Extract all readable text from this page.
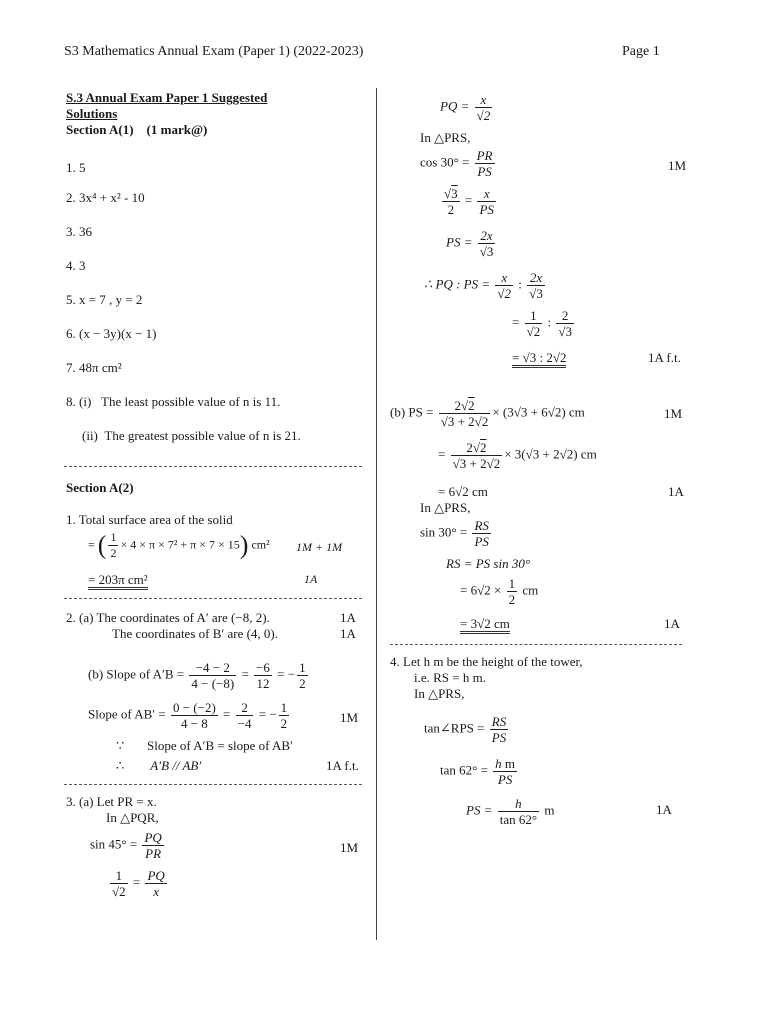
S3 Mathematics Annual Exam (Paper 1) (2022-2023)	Page 1
S.3 Annual Exam Paper 1 Suggested
Solutions
Section A(1) (1 mark@)
1. 5
2. 3x⁴ + x² - 10
3. 36
4. 3
5. x = 7 , y = 2
6. (x − 3y)(x − 1)
7. 48π cm²
8. (i) The least possible value of n is 11.
(ii) The greatest possible value of n is 21.
Section A(2)
1. Total surface area of the solid
= ( $\frac{1}{2} \times 4 \times \pi \times 7^2 + \pi \times 7 \times 15$) cm² 1M + 1M
= 203π cm²	1A
2. (a) The coordinates of A′ are (−8, 2).	1A
The coordinates of B′ are (4, 0).	1A
(b) Slope of $A'B = \frac{-4 - 2}{4 - (-8)} = \frac{-6}{12}$ = − $\frac{1}{2}$
Slope of $AB' = \frac{0 - (-2)}{4 - 8} = \frac{2}{-4}$ = − $\frac{1}{2}$	1M
∵ Slope of A′B = slope of AB′
∴ A′B // AB′	1A f.t.
3. (a) Let PR = x.
In △PQR,
$\sin 45^\circ = \frac{PQ}{PR}$	1M
$\frac{1}{√2} = \frac{PQ}{x}$
PQ = $\frac{x}{√2}$
In △PRS,
$\cos 30^\circ = \frac{PR}{PS}$	1M
$\frac{√3}{2} = \frac{x}{PS}$
PS = $\frac{2x}{√3}$
∴ PQ : PS = $\frac{x}{√2}$ : $\frac{2x}{√3}$
= $\frac{1}{√2}$ : $\frac{2}{√3}$
= √3 : 2√2	1A f.t.
(b) PS = $\frac{2√2}{√3 + 2√2} \times (3√3 + 6√2)$ cm	1M
= $\frac{2√2}{√3 + 2√2} \times 3(√3 + 2√2)$ cm
= 6√2 cm	1A
In △PRS,
$\sin 30^\circ = \frac{RS}{PS}$
RS = PS sin 30°
= $6√2 \times \frac{1}{2}$ cm
= 3√2 cm	1A
4. Let h m be the height of the tower,
i.e. RS = h m.
In △PRS,
tan∠RPS = $\frac{RS}{PS}$
$\tan 62^\circ = \frac{\text{h m}}{PS}$
PS = $\frac{h}{\tan 62^\circ}$ m	1A
